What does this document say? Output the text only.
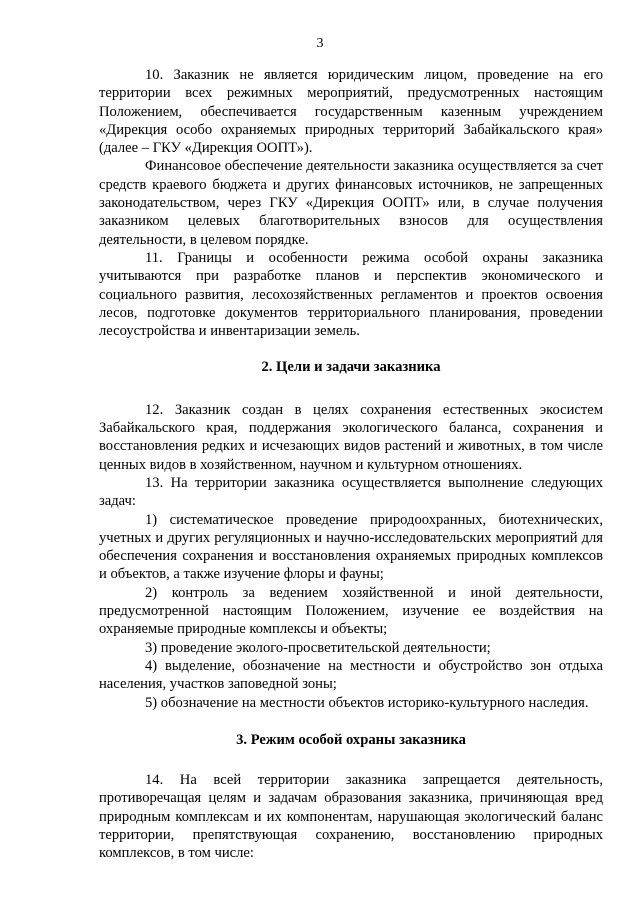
3

10. Заказник не является юридическим лицом, проведение на его территории всех режимных мероприятий, предусмотренных настоящим Положением, обеспечивается государственным казенным учреждением «Дирекция особо охраняемых природных территорий Забайкальского края» (далее – ГКУ «Дирекция ООПТ»).

Финансовое обеспечение деятельности заказника осуществляется за счет средств краевого бюджета и других финансовых источников, не запрещенных законодательством, через ГКУ «Дирекция ООПТ» или, в случае получения заказником целевых благотворительных взносов для осуществления деятельности, в целевом порядке.

11. Границы и особенности режима особой охраны заказника учитываются при разработке планов и перспектив экономического и социального развития, лесохозяйственных регламентов и проектов освоения лесов, подготовке документов территориального планирования, проведении лесоустройства и инвентаризации земель.

2. Цели и задачи заказника

12. Заказник создан в целях сохранения естественных экосистем Забайкальского края, поддержания экологического баланса, сохранения и восстановления редких и исчезающих видов растений и животных, в том числе ценных видов в хозяйственном, научном и культурном отношениях.

13. На территории заказника осуществляется выполнение следующих задач:

1) систематическое проведение природоохранных, биотехнических, учетных и других регуляционных и научно-исследовательских мероприятий для обеспечения сохранения и восстановления охраняемых природных комплексов и объектов, а также изучение флоры и фауны;

2) контроль за ведением хозяйственной и иной деятельности, предусмотренной настоящим Положением, изучение ее воздействия на охраняемые природные комплексы и объекты;

3) проведение эколого-просветительской деятельности;

4) выделение, обозначение на местности и обустройство зон отдыха населения, участков заповедной зоны;

5) обозначение на местности объектов историко-культурного наследия.

3. Режим особой охраны заказника

14. На всей территории заказника запрещается деятельность, противоречащая целям и задачам образования заказника, причиняющая вред природным комплексам и их компонентам, нарушающая экологический баланс территории, препятствующая сохранению, восстановлению природных комплексов, в том числе:
